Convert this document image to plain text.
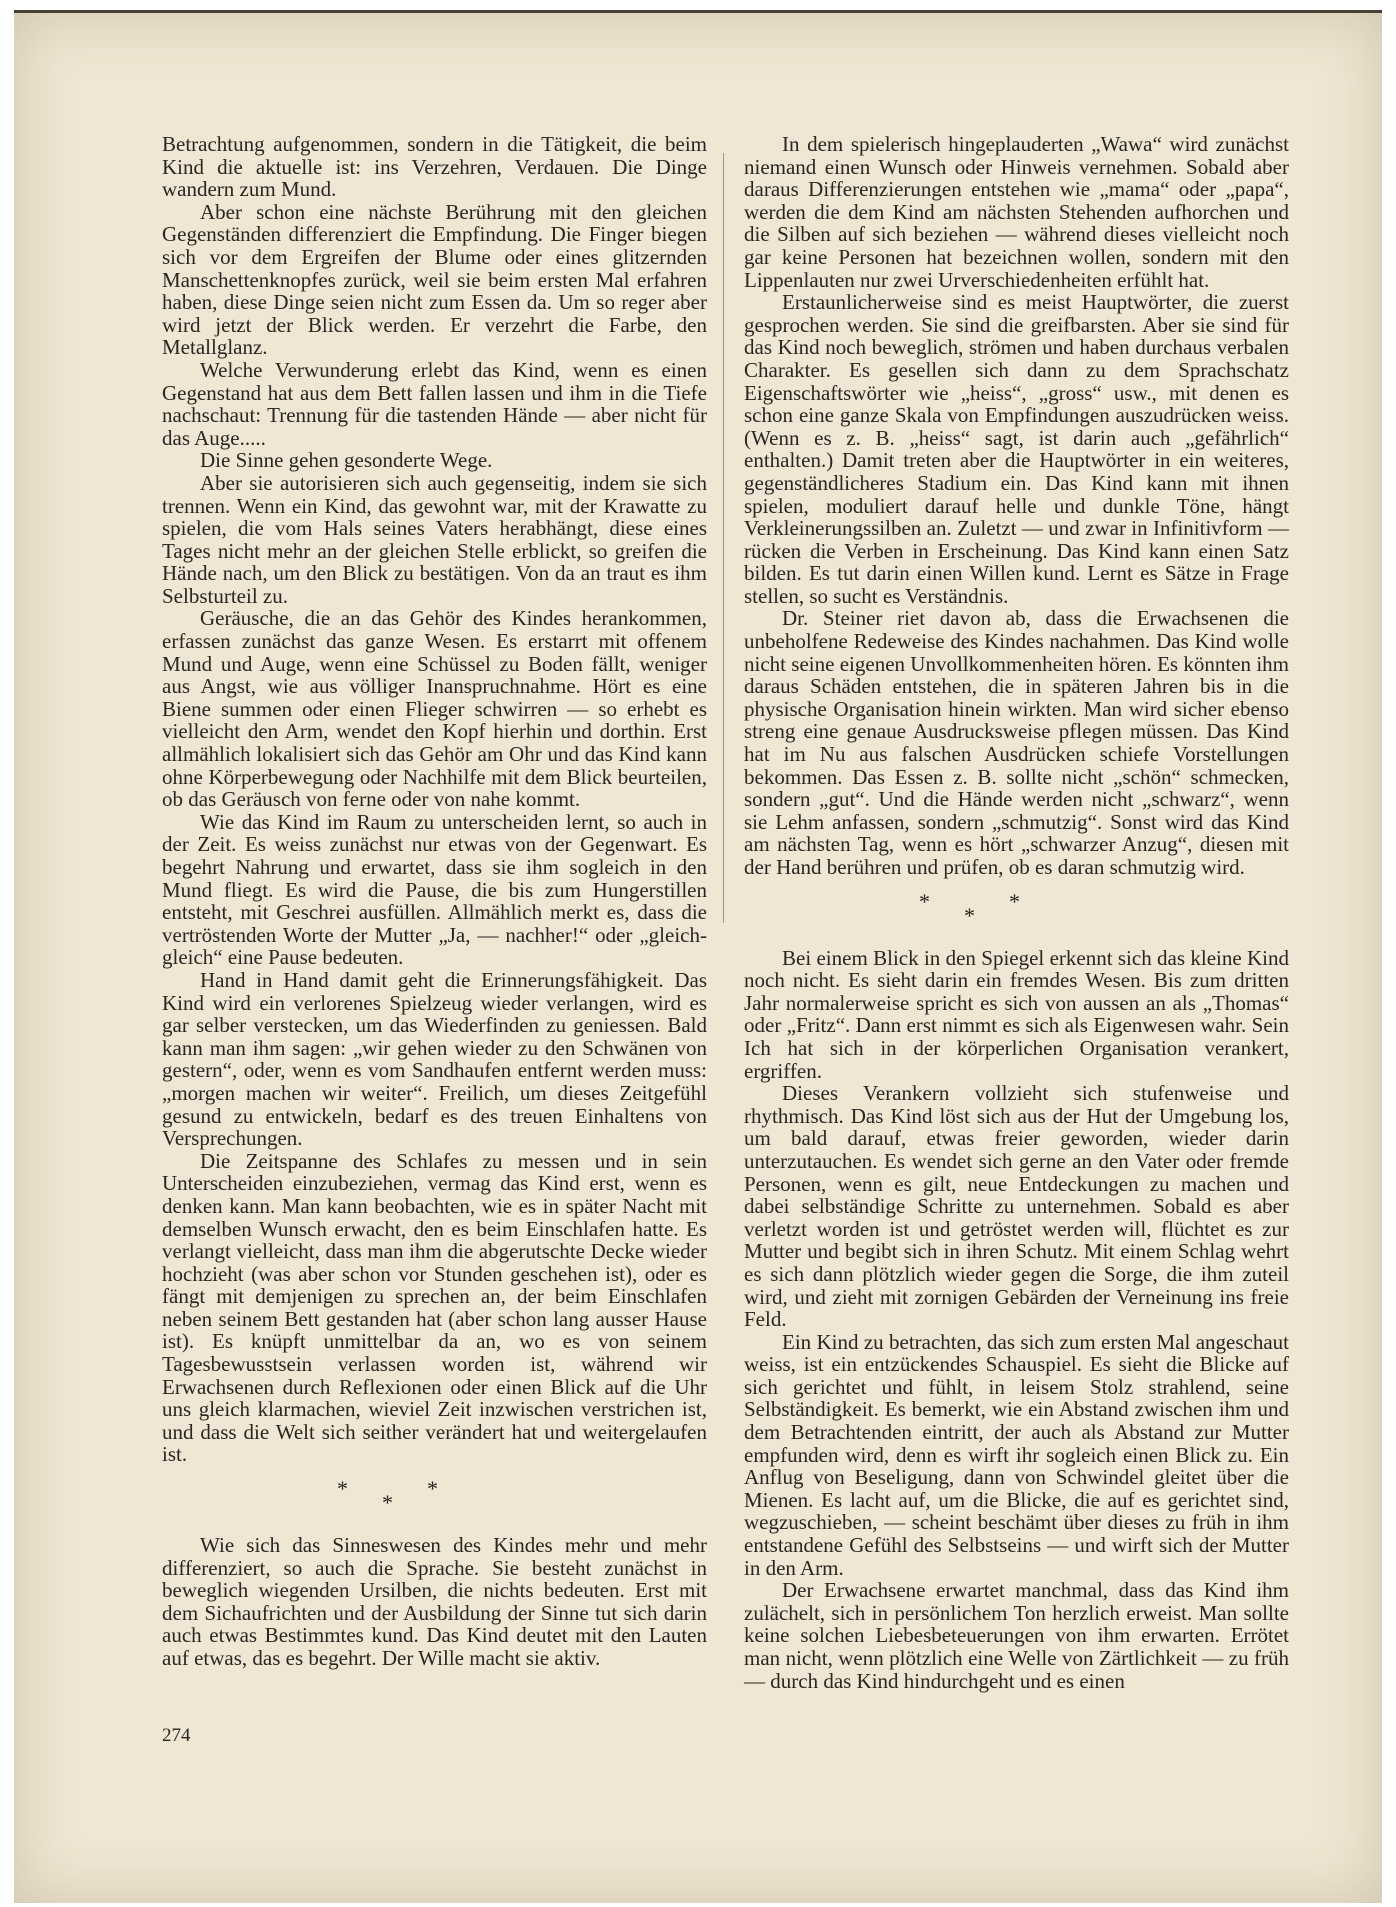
Betrachtung aufgenommen, sondern in die Tätigkeit, die beim Kind die aktuelle ist: ins Verzehren, Verdauen. Die Dinge wandern zum Mund.

Aber schon eine nächste Berührung mit den gleichen Gegenständen differenziert die Empfindung. Die Finger biegen sich vor dem Ergreifen der Blume oder eines glitzernden Manschettenknopfes zurück, weil sie beim ersten Mal erfahren haben, diese Dinge seien nicht zum Essen da. Um so reger aber wird jetzt der Blick werden. Er verzehrt die Farbe, den Metallglanz.

Welche Verwunderung erlebt das Kind, wenn es einen Gegenstand hat aus dem Bett fallen lassen und ihm in die Tiefe nachschaut: Trennung für die tastenden Hände — aber nicht für das Auge.....

Die Sinne gehen gesonderte Wege.

Aber sie autorisieren sich auch gegenseitig, indem sie sich trennen. Wenn ein Kind, das gewohnt war, mit der Krawatte zu spielen, die vom Hals seines Vaters herabhängt, diese eines Tages nicht mehr an der gleichen Stelle erblickt, so greifen die Hände nach, um den Blick zu bestätigen. Von da an traut es ihm Selbsturteil zu.

Geräusche, die an das Gehör des Kindes herankommen, erfassen zunächst das ganze Wesen. Es erstarrt mit offenem Mund und Auge, wenn eine Schüssel zu Boden fällt, weniger aus Angst, wie aus völliger Inanspruchnahme. Hört es eine Biene summen oder einen Flieger schwirren — so erhebt es vielleicht den Arm, wendet den Kopf hierhin und dorthin. Erst allmählich lokalisiert sich das Gehör am Ohr und das Kind kann ohne Körperbewegung oder Nachhilfe mit dem Blick beurteilen, ob das Geräusch von ferne oder von nahe kommt.

Wie das Kind im Raum zu unterscheiden lernt, so auch in der Zeit. Es weiss zunächst nur etwas von der Gegenwart. Es begehrt Nahrung und erwartet, dass sie ihm sogleich in den Mund fliegt. Es wird die Pause, die bis zum Hungerstillen entsteht, mit Geschrei ausfüllen. Allmählich merkt es, dass die vertröstenden Worte der Mutter „Ja, — nachher!“ oder „gleich-gleich“ eine Pause bedeuten.

Hand in Hand damit geht die Erinnerungsfähigkeit. Das Kind wird ein verlorenes Spielzeug wieder verlangen, wird es gar selber verstecken, um das Wiederfinden zu geniessen. Bald kann man ihm sagen: „wir gehen wieder zu den Schwänen von gestern“, oder, wenn es vom Sandhaufen entfernt werden muss: „morgen machen wir weiter“. Freilich, um dieses Zeitgefühl gesund zu entwickeln, bedarf es des treuen Einhaltens von Versprechungen.

Die Zeitspanne des Schlafes zu messen und in sein Unterscheiden einzubeziehen, vermag das Kind erst, wenn es denken kann. Man kann beobachten, wie es in später Nacht mit demselben Wunsch erwacht, den es beim Einschlafen hatte. Es verlangt vielleicht, dass man ihm die abgerutschte Decke wieder hochzieht (was aber schon vor Stunden geschehen ist), oder es fängt mit demjenigen zu sprechen an, der beim Einschlafen neben seinem Bett gestanden hat (aber schon lang ausser Hause ist). Es knüpft unmittelbar da an, wo es von seinem Tagesbewusstsein verlassen worden ist, während wir Erwachsenen durch Reflexionen oder einen Blick auf die Uhr uns gleich klarmachen, wieviel Zeit inzwischen verstrichen ist, und dass die Welt sich seither verändert hat und weitergelaufen ist.

*
*
*

Wie sich das Sinneswesen des Kindes mehr und mehr differenziert, so auch die Sprache. Sie besteht zunächst in beweglich wiegenden Ursilben, die nichts bedeuten. Erst mit dem Sichaufrichten und der Ausbildung der Sinne tut sich darin auch etwas Bestimmtes kund. Das Kind deutet mit den Lauten auf etwas, das es begehrt. Der Wille macht sie aktiv.

In dem spielerisch hingeplauderten „Wawa“ wird zunächst niemand einen Wunsch oder Hinweis vernehmen. Sobald aber daraus Differenzierungen entstehen wie „mama“ oder „papa“, werden die dem Kind am nächsten Stehenden aufhorchen und die Silben auf sich beziehen — während dieses vielleicht noch gar keine Personen hat bezeichnen wollen, sondern mit den Lippenlauten nur zwei Urverschiedenheiten erfühlt hat.

Erstaunlicherweise sind es meist Hauptwörter, die zuerst gesprochen werden. Sie sind die greifbarsten. Aber sie sind für das Kind noch beweglich, strömen und haben durchaus verbalen Charakter. Es gesellen sich dann zu dem Sprachschatz Eigenschaftswörter wie „heiss“, „gross“ usw., mit denen es schon eine ganze Skala von Empfindungen auszudrücken weiss. (Wenn es z. B. „heiss“ sagt, ist darin auch „gefährlich“ enthalten.) Damit treten aber die Hauptwörter in ein weiteres, gegenständlicheres Stadium ein. Das Kind kann mit ihnen spielen, moduliert darauf helle und dunkle Töne, hängt Verkleinerungssilben an. Zuletzt — und zwar in Infinitivform — rücken die Verben in Erscheinung. Das Kind kann einen Satz bilden. Es tut darin einen Willen kund. Lernt es Sätze in Frage stellen, so sucht es Verständnis.

Dr. Steiner riet davon ab, dass die Erwachsenen die unbeholfene Redeweise des Kindes nachahmen. Das Kind wolle nicht seine eigenen Unvollkommenheiten hören. Es könnten ihm daraus Schäden entstehen, die in späteren Jahren bis in die physische Organisation hinein wirkten. Man wird sicher ebenso streng eine genaue Ausdrucksweise pflegen müssen. Das Kind hat im Nu aus falschen Ausdrücken schiefe Vorstellungen bekommen. Das Essen z. B. sollte nicht „schön“ schmecken, sondern „gut“. Und die Hände werden nicht „schwarz“, wenn sie Lehm anfassen, sondern „schmutzig“. Sonst wird das Kind am nächsten Tag, wenn es hört „schwarzer Anzug“, diesen mit der Hand berühren und prüfen, ob es daran schmutzig wird.

*
*
*

Bei einem Blick in den Spiegel erkennt sich das kleine Kind noch nicht. Es sieht darin ein fremdes Wesen. Bis zum dritten Jahr normalerweise spricht es sich von aussen an als „Thomas“ oder „Fritz“. Dann erst nimmt es sich als Eigenwesen wahr. Sein Ich hat sich in der körperlichen Organisation verankert, ergriffen.

Dieses Verankern vollzieht sich stufenweise und rhythmisch. Das Kind löst sich aus der Hut der Umgebung los, um bald darauf, etwas freier geworden, wieder darin unterzutauchen. Es wendet sich gerne an den Vater oder fremde Personen, wenn es gilt, neue Entdeckungen zu machen und dabei selbständige Schritte zu unternehmen. Sobald es aber verletzt worden ist und getröstet werden will, flüchtet es zur Mutter und begibt sich in ihren Schutz. Mit einem Schlag wehrt es sich dann plötzlich wieder gegen die Sorge, die ihm zuteil wird, und zieht mit zornigen Gebärden der Verneinung ins freie Feld.

Ein Kind zu betrachten, das sich zum ersten Mal angeschaut weiss, ist ein entzückendes Schauspiel. Es sieht die Blicke auf sich gerichtet und fühlt, in leisem Stolz strahlend, seine Selbständigkeit. Es bemerkt, wie ein Abstand zwischen ihm und dem Betrachtenden eintritt, der auch als Abstand zur Mutter empfunden wird, denn es wirft ihr sogleich einen Blick zu. Ein Anflug von Beseligung, dann von Schwindel gleitet über die Mienen. Es lacht auf, um die Blicke, die auf es gerichtet sind, wegzuschieben, — scheint beschämt über dieses zu früh in ihm entstandene Gefühl des Selbstseins — und wirft sich der Mutter in den Arm.

Der Erwachsene erwartet manchmal, dass das Kind ihm zulächelt, sich in persönlichem Ton herzlich erweist. Man sollte keine solchen Liebesbeteuerungen von ihm erwarten. Errötet man nicht, wenn plötzlich eine Welle von Zärtlichkeit — zu früh — durch das Kind hindurchgeht und es einen

274
